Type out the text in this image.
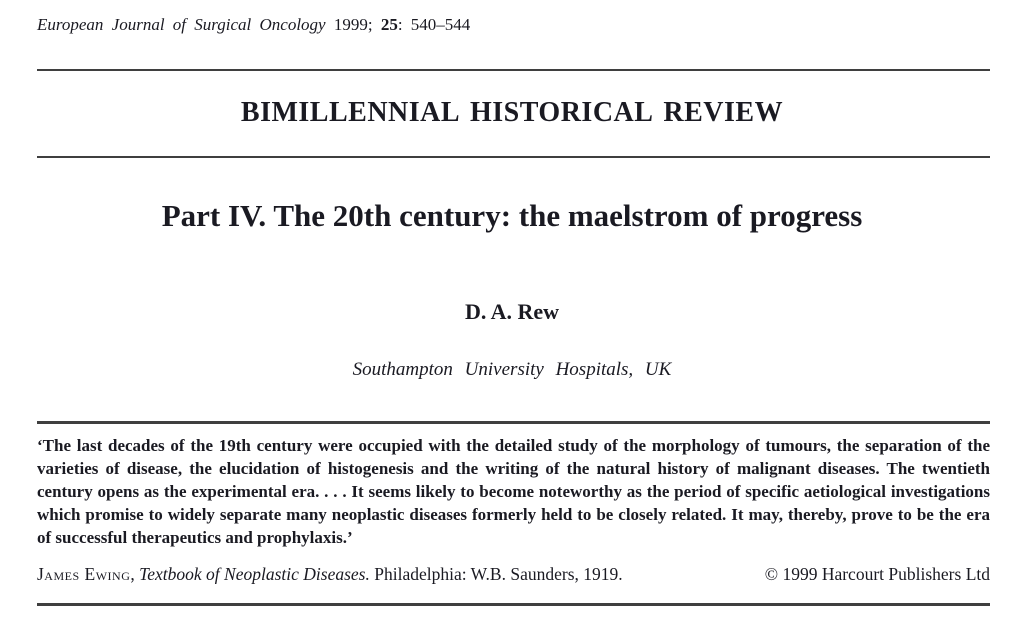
European Journal of Surgical Oncology 1999; 25: 540–544
BIMILLENNIAL HISTORICAL REVIEW
Part IV. The 20th century: the maelstrom of progress
D. A. Rew
Southampton University Hospitals, UK

‘The last decades of the 19th century were occupied with the detailed study of the morphology of tumours, the separation of the varieties of disease, the elucidation of histogenesis and the writing of the natural history of malignant diseases. The twentieth century opens as the experimental era. . . . It seems likely to become noteworthy as the period of specific aetiological investigations which promise to widely separate many neoplastic diseases formerly held to be closely related. It may, thereby, prove to be the era of successful therapeutics and prophylaxis.’

James Ewing, Textbook of Neoplastic Diseases. Philadelphia: W.B. Saunders, 1919.	© 1999 Harcourt Publishers Ltd
